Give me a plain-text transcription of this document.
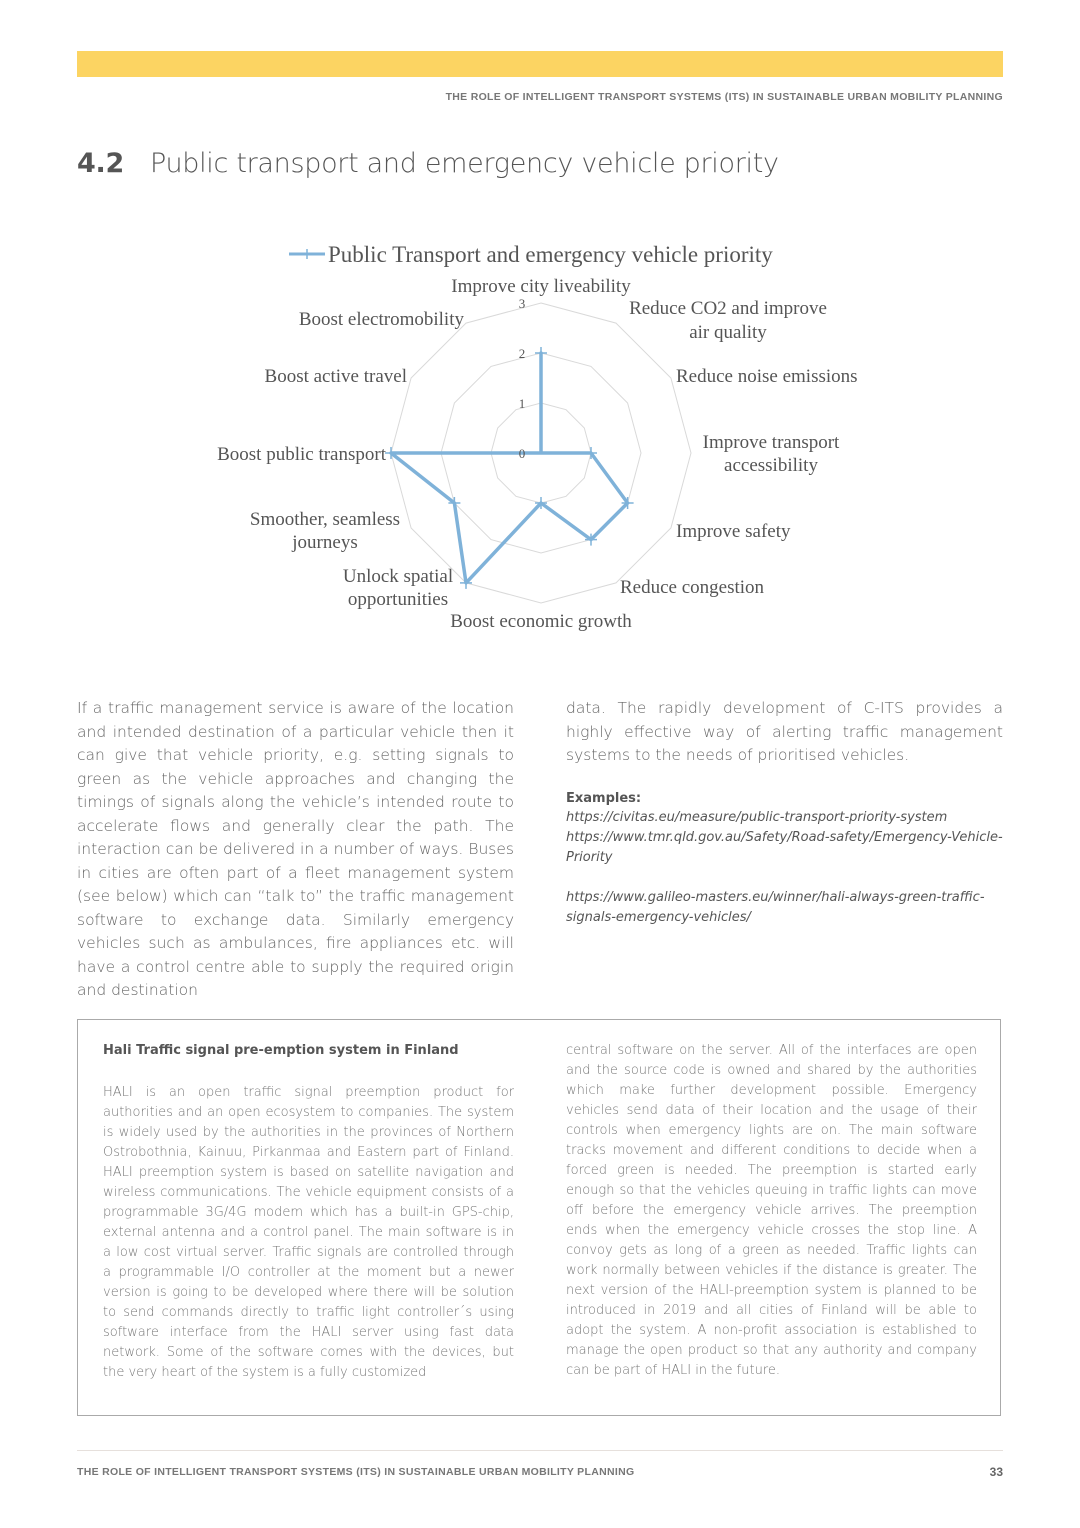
THE ROLE OF INTELLIGENT TRANSPORT SYSTEMS (ITS) IN SUSTAINABLE URBAN MOBILITY PLANNING
4.2 Public transport and emergency vehicle priority
Public Transport and emergency vehicle priority
0
1
2
3
Improve city liveability
Reduce CO2 and improve
air quality
Reduce noise emissions
Improve transport
accessibility
Improve safety
Reduce congestion
Boost economic growth
Unlock spatial
opportunities
Smoother, seamless
journeys
Boost public transport
Boost active travel
Boost electromobility
If a traffic management service is aware of the location and intended destination of a particular vehicle then it can give that vehicle priority, e.g. setting signals to green as the vehicle approaches and changing the timings of signals along the vehicle’s intended route to accelerate flows and generally clear the path. The interaction can be delivered in a number of ways. Buses in cities are often part of a fleet management system (see below) which can “talk to” the traffic management software to exchange data. Similarly emergency vehicles such as ambulances, fire appliances etc. will have a control centre able to supply the required origin and destination
data. The rapidly development of C-ITS provides a highly effective way of alerting traffic management systems to the needs of prioritised vehicles.
Examples:
https://civitas.eu/measure/public-transport-priority-system
https://www.tmr.qld.gov.au/Safety/Road-safety/Emergency-Vehicle-Priority
https://www.galileo-masters.eu/winner/hali-always-green-traffic-signals-emergency-vehicles/
Hali Traffic signal pre-emption system in Finland
HALI is an open traffic signal preemption product for authorities and an open ecosystem to companies. The system is widely used by the authorities in the provinces of Northern Ostrobothnia, Kainuu, Pirkanmaa and Eastern part of Finland. HALI preemption system is based on satellite navigation and wireless communications. The vehicle equipment consists of a programmable 3G/4G modem which has a built-in GPS-chip, external antenna and a control panel. The main software is in a low cost virtual server. Traffic signals are controlled through a programmable I/O controller at the moment but a newer version is going to be developed where there will be solution to send commands directly to traffic light controller´s using software interface from the HALI server using fast data network. Some of the software comes with the devices, but the very heart of the system is a fully customized
central software on the server. All of the interfaces are open and the source code is owned and shared by the authorities which make further development possible. Emergency vehicles send data of their location and the usage of their controls when emergency lights are on. The main software tracks movement and different conditions to decide when a forced green is needed. The preemption is started early enough so that the vehicles queuing in traffic lights can move off before the emergency vehicle arrives. The preemption ends when the emergency vehicle crosses the stop line. A convoy gets as long of a green as needed. Traffic lights can work normally between vehicles if the distance is greater. The next version of the HALI-preemption system is planned to be introduced in 2019 and all cities of Finland will be able to adopt the system. A non-profit association is established to manage the open product so that any authority and company can be part of HALI in the future.
THE ROLE OF INTELLIGENT TRANSPORT SYSTEMS (ITS) IN SUSTAINABLE URBAN MOBILITY PLANNING	33
